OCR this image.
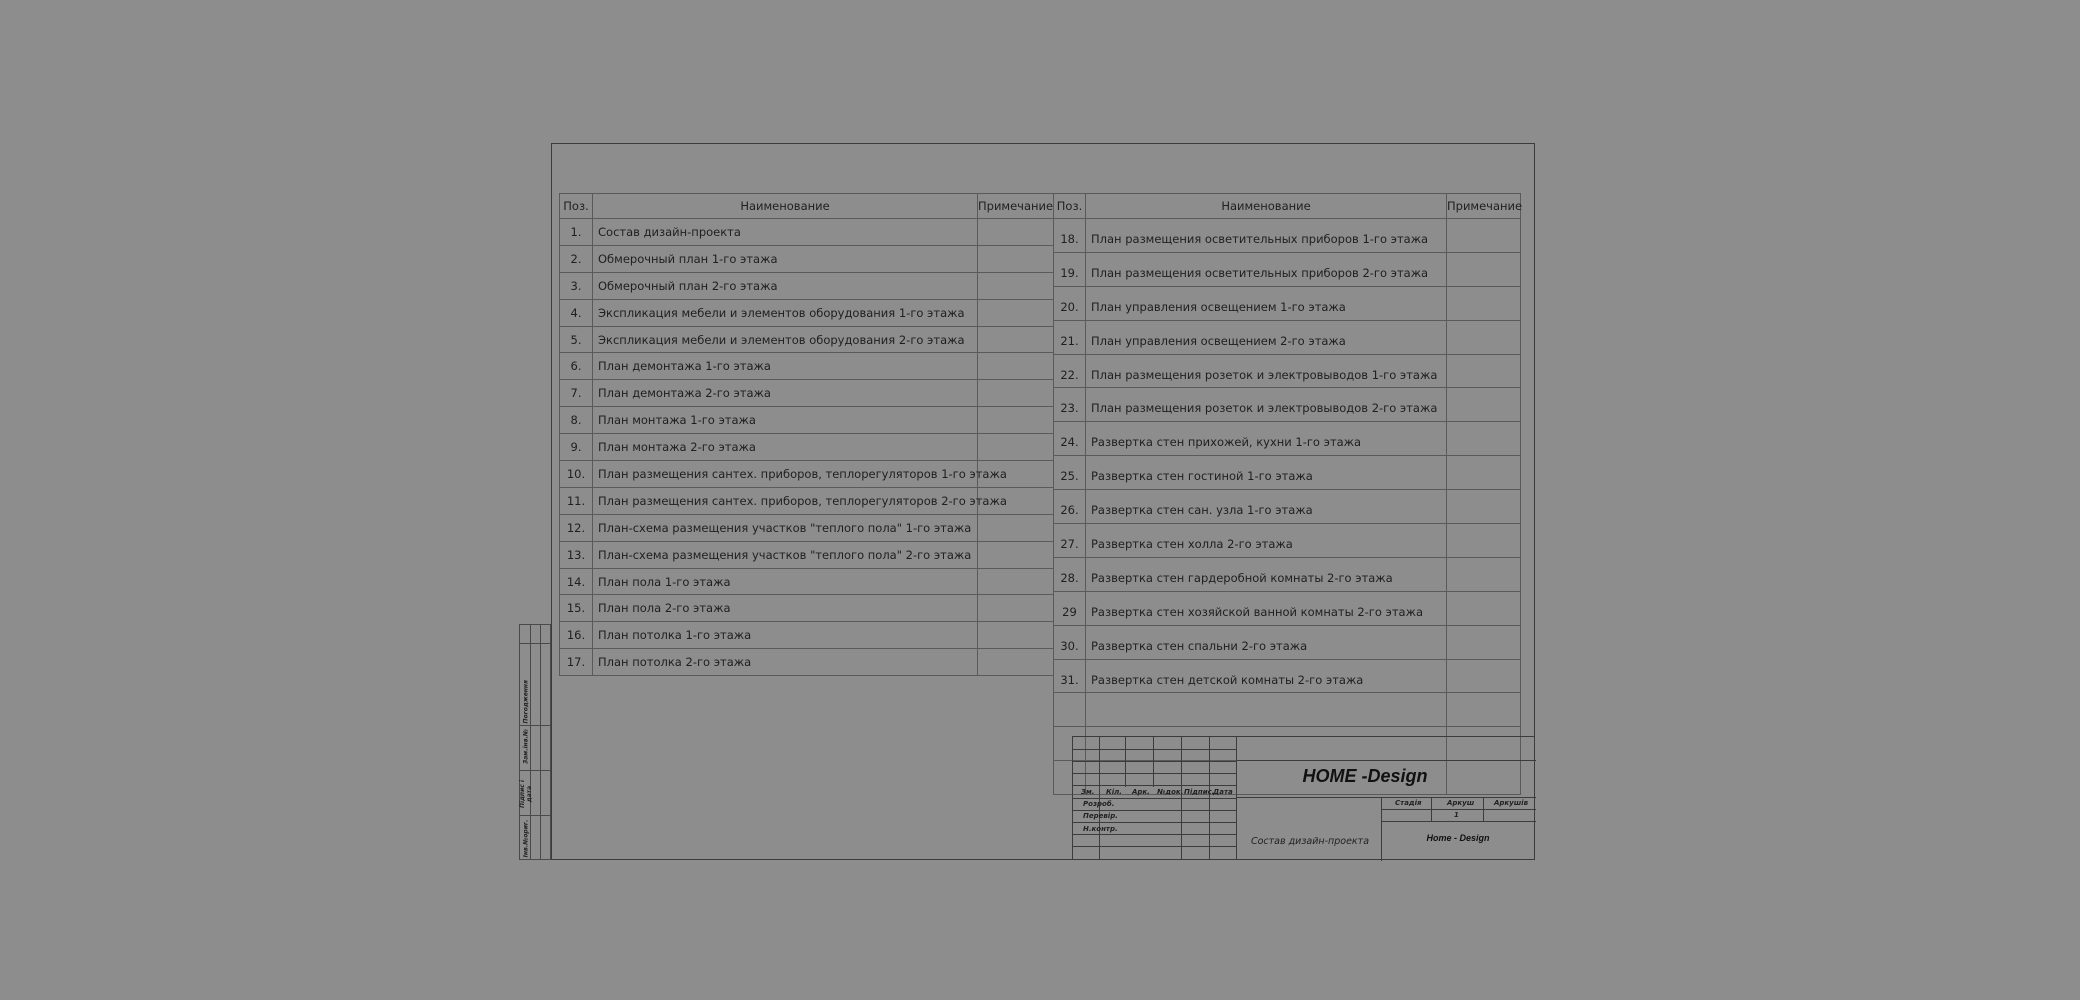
Поз.	Наименование	Примечание
1.	Состав дизайн-проекта	
2.	Обмерочный план 1-го этажа	
3.	Обмерочный план 2-го этажа	
4.	Экспликация мебели и элементов оборудования 1-го этажа	
5.	Экспликация мебели и элементов оборудования 2-го этажа	
6.	План демонтажа 1-го этажа	
7.	План демонтажа 2-го этажа	
8.	План монтажа 1-го этажа	
9.	План монтажа 2-го этажа	
10.	План размещения сантех. приборов, теплорегуляторов 1-го этажа	
11.	План размещения сантех. приборов, теплорегуляторов 2-го этажа	
12.	План-схема размещения участков "теплого пола" 1-го этажа	
13.	План-схема размещения участков "теплого пола" 2-го этажа	
14.	План пола 1-го этажа	
15.	План пола 2-го этажа	
16.	План потолка 1-го этажа	
17.	План потолка 2-го этажа	
Поз.	Наименование	Примечание
18.	План размещения осветительных приборов 1-го этажа	
19.	План размещения осветительных приборов 2-го этажа	
20.	План управления освещением 1-го этажа	
21.	План управления освещением 2-го этажа	
22.	План размещения розеток и электровыводов 1-го этажа	
23.	План размещения розеток и электровыводов 2-го этажа	
24.	Развертка стен прихожей, кухни 1-го этажа	
25.	Развертка стен гостиной 1-го этажа	
26.	Развертка стен сан. узла 1-го этажа	
27.	Развертка стен холла 2-го этажа	
28.	Развертка стен гардеробной комнаты 2-го этажа	
29	Развертка стен хозяйской ванной комнаты 2-го этажа	
30.	Развертка стен спальни 2-го этажа	
31.	Развертка стен детской комнаты 2-го этажа	

Погодження
Зам.інв.№
Підпис і дата
Інв.№ориг.
Зм. Кіл. Арк. №док. Підпис.
Дата
Розроб.
Перевір.
Н.контр.
Стадія	Аркуш	Аркушів
1
HOME -Design
Состав дизайн-проекта	Home - Design
